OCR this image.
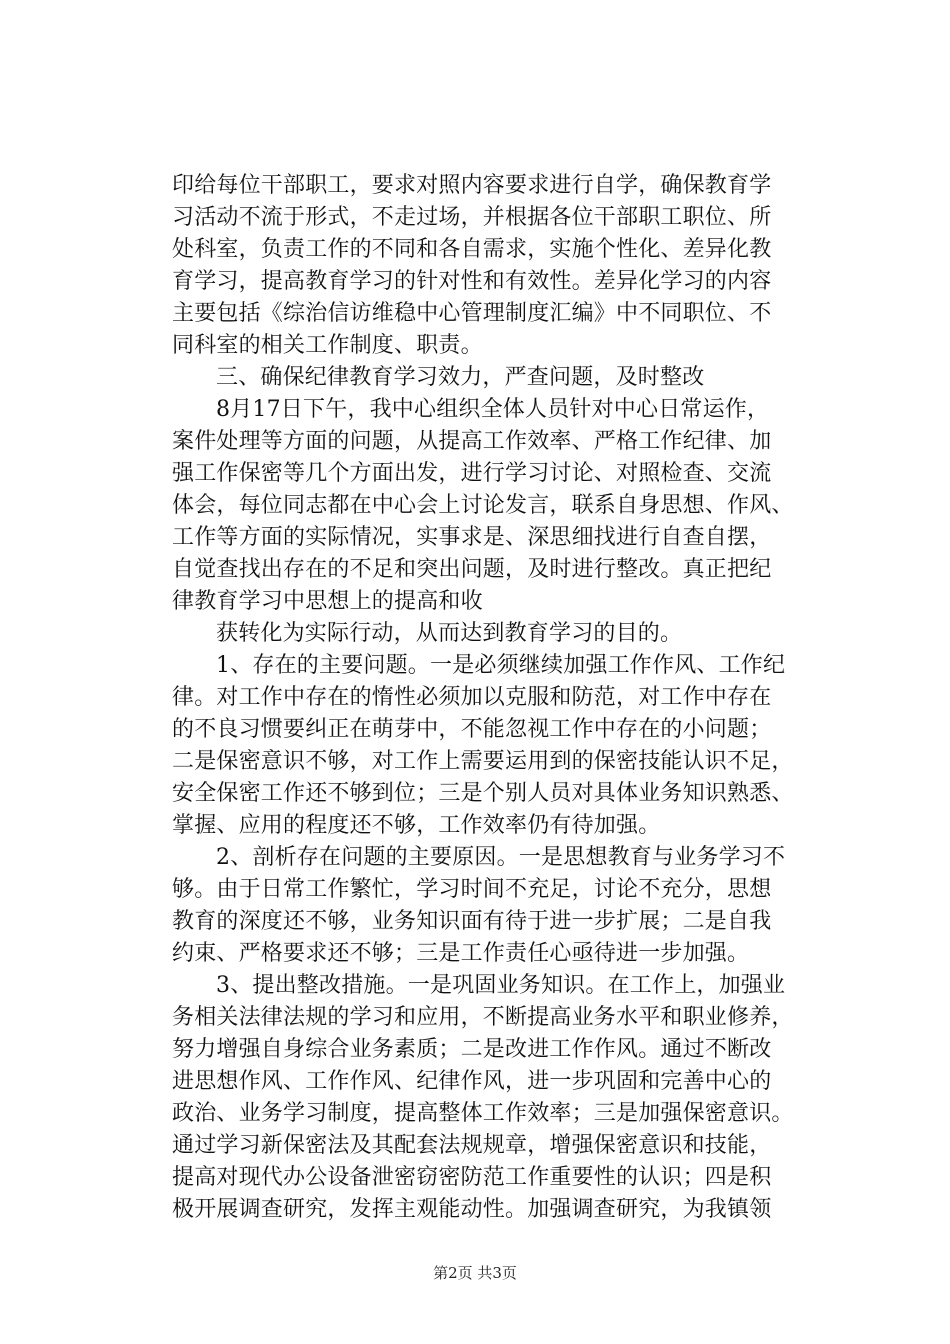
印给每位干部职工，要求对照内容要求进行自学，确保教育学
习活动不流于形式，不走过场，并根据各位干部职工职位、所
处科室，负责工作的不同和各自需求，实施个性化、差异化教
育学习，提高教育学习的针对性和有效性。差异化学习的内容
主要包括《综治信访维稳中心管理制度汇编》中不同职位、不
同科室的相关工作制度、职责。
三、确保纪律教育学习效力，严查问题，及时整改
8月17日下午，我中心组织全体人员针对中心日常运作，
案件处理等方面的问题，从提高工作效率、严格工作纪律、加
强工作保密等几个方面出发，进行学习讨论、对照检查、交流
体会，每位同志都在中心会上讨论发言，联系自身思想、作风、
工作等方面的实际情况，实事求是、深思细找进行自查自摆，
自觉查找出存在的不足和突出问题，及时进行整改。真正把纪
律教育学习中思想上的提高和收
获转化为实际行动，从而达到教育学习的目的。
1、存在的主要问题。一是必须继续加强工作作风、工作纪
律。对工作中存在的惰性必须加以克服和防范，对工作中存在
的不良习惯要纠正在萌芽中，不能忽视工作中存在的小问题；
二是保密意识不够，对工作上需要运用到的保密技能认识不足，
安全保密工作还不够到位；三是个别人员对具体业务知识熟悉、
掌握、应用的程度还不够，工作效率仍有待加强。
2、剖析存在问题的主要原因。一是思想教育与业务学习不
够。由于日常工作繁忙，学习时间不充足，讨论不充分，思想
教育的深度还不够，业务知识面有待于进一步扩展；二是自我
约束、严格要求还不够；三是工作责任心亟待进一步加强。
3、提出整改措施。一是巩固业务知识。在工作上，加强业
务相关法律法规的学习和应用，不断提高业务水平和职业修养，
努力增强自身综合业务素质；二是改进工作作风。通过不断改
进思想作风、工作作风、纪律作风，进一步巩固和完善中心的
政治、业务学习制度，提高整体工作效率；三是加强保密意识。
通过学习新保密法及其配套法规规章，增强保密意识和技能，
提高对现代办公设备泄密窃密防范工作重要性的认识；四是积
极开展调查研究，发挥主观能动性。加强调查研究，为我镇领
第2页 共3页
